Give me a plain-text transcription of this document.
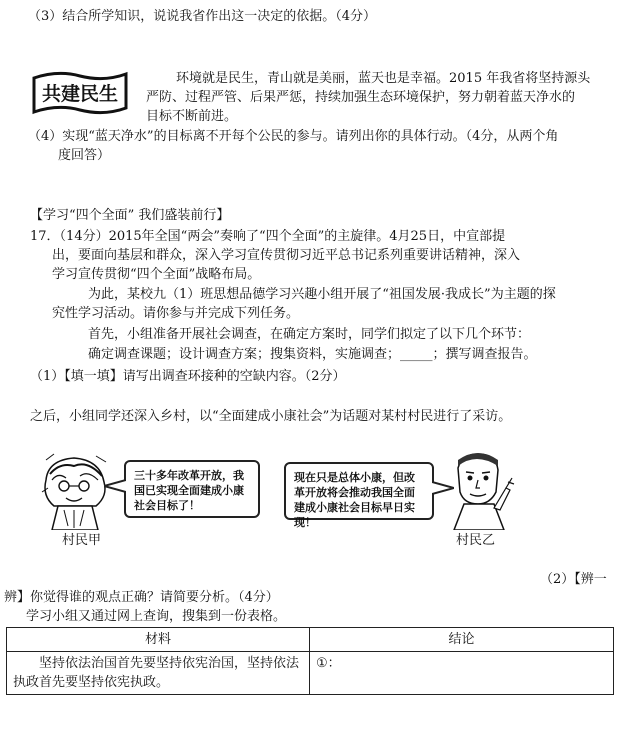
（3）结合所学知识，说说我省作出这一决定的依据。（4分）
共建民生
环境就是民生，青山就是美丽，蓝天也是幸福。2015 年我省将坚持源头
严防、过程严管、后果严惩，持续加强生态环境保护，努力朝着蓝天净水的
目标不断前进。
（4）实现“蓝天净水”的目标离不开每个公民的参与。请列出你的具体行动。（4分，从两个角
度回答）
【学习“四个全面” 我们盛装前行】
17．（14分）2015年全国“两会”奏响了“四个全面”的主旋律。4月25日，中宣部提
出，要面向基层和群众，深入学习宣传贯彻习近平总书记系列重要讲话精神，深入
学习宣传贯彻“四个全面”战略布局。
为此，某校九（1）班思想品德学习兴趣小组开展了“祖国发展·我成长”为主题的探
究性学习活动。请你参与并完成下列任务。
首先，小组准备开展社会调查，在确定方案时，同学们拟定了以下几个环节：
确定调查课题；设计调查方案；搜集资料，实施调查；_____；撰写调查报告。
（1）【填一填】请写出调查环接种的空缺内容。（2分）
之后，小组同学还深入乡村，以“全面建成小康社会”为话题对某村村民进行了采访。
三十多年改革开放，我国已实现全面建成小康社会目标了！
现在只是总体小康，但改革开放将会推动我国全面建成小康社会目标早日实现！
村民甲	村民乙
（2）【辨一
辨】你觉得谁的观点正确？请简要分析。（4分）
学习小组又通过网上查询，搜集到一份表格。
材料	结论
坚持依法治国首先要坚持依宪治国，坚持依法执政首先要坚持依宪执政。	①：
